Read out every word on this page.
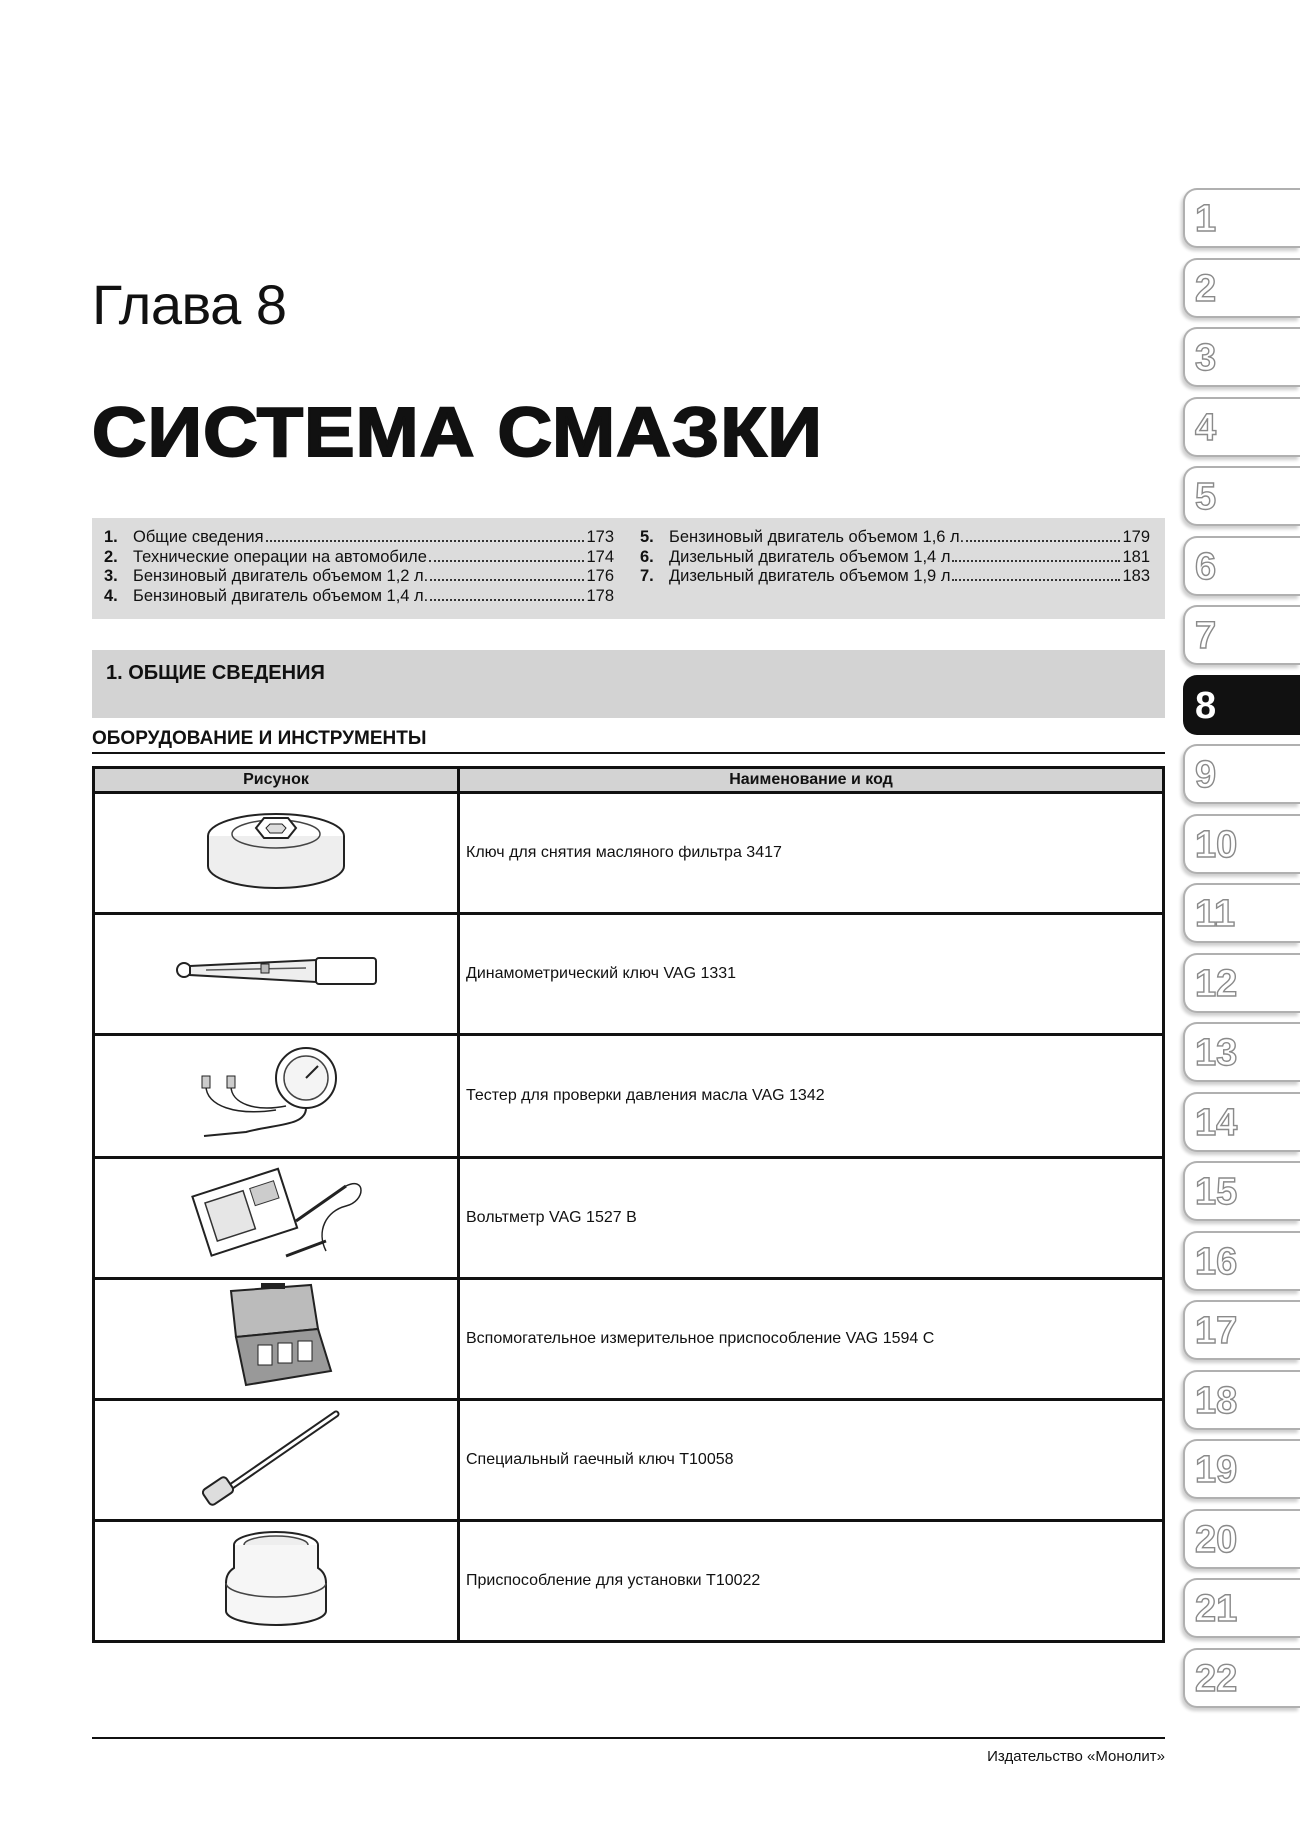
Глава 8
СИСТЕМА СМАЗКИ
1. Общие сведения	173
2. Технические операции на автомобиле	174
3. Бензиновый двигатель объемом 1,2 л.	176
4. Бензиновый двигатель объемом 1,4 л.	178
5. Бензиновый двигатель объемом 1,6 л.	179
6. Дизельный двигатель объемом 1,4 л	181
7. Дизельный двигатель объемом 1,9 л	183
1. ОБЩИЕ СВЕДЕНИЯ
ОБОРУДОВАНИЕ И ИНСТРУМЕНТЫ
Рисунок	Наименование и код
	Ключ для снятия масляного фильтра 3417
	Динамометрический ключ VAG 1331
	Тестер для проверки давления масла VAG 1342
	Вольтметр VAG 1527 B
	Вспомогательное измерительное приспособление VAG 1594 C
	Специальный гаечный ключ T10058
	Приспособление для установки T10022
Издательство «Монолит»
1
2
3
4
5
6
7
8
9
10
11
12
13
14
15
16
17
18
19
20
21
22
